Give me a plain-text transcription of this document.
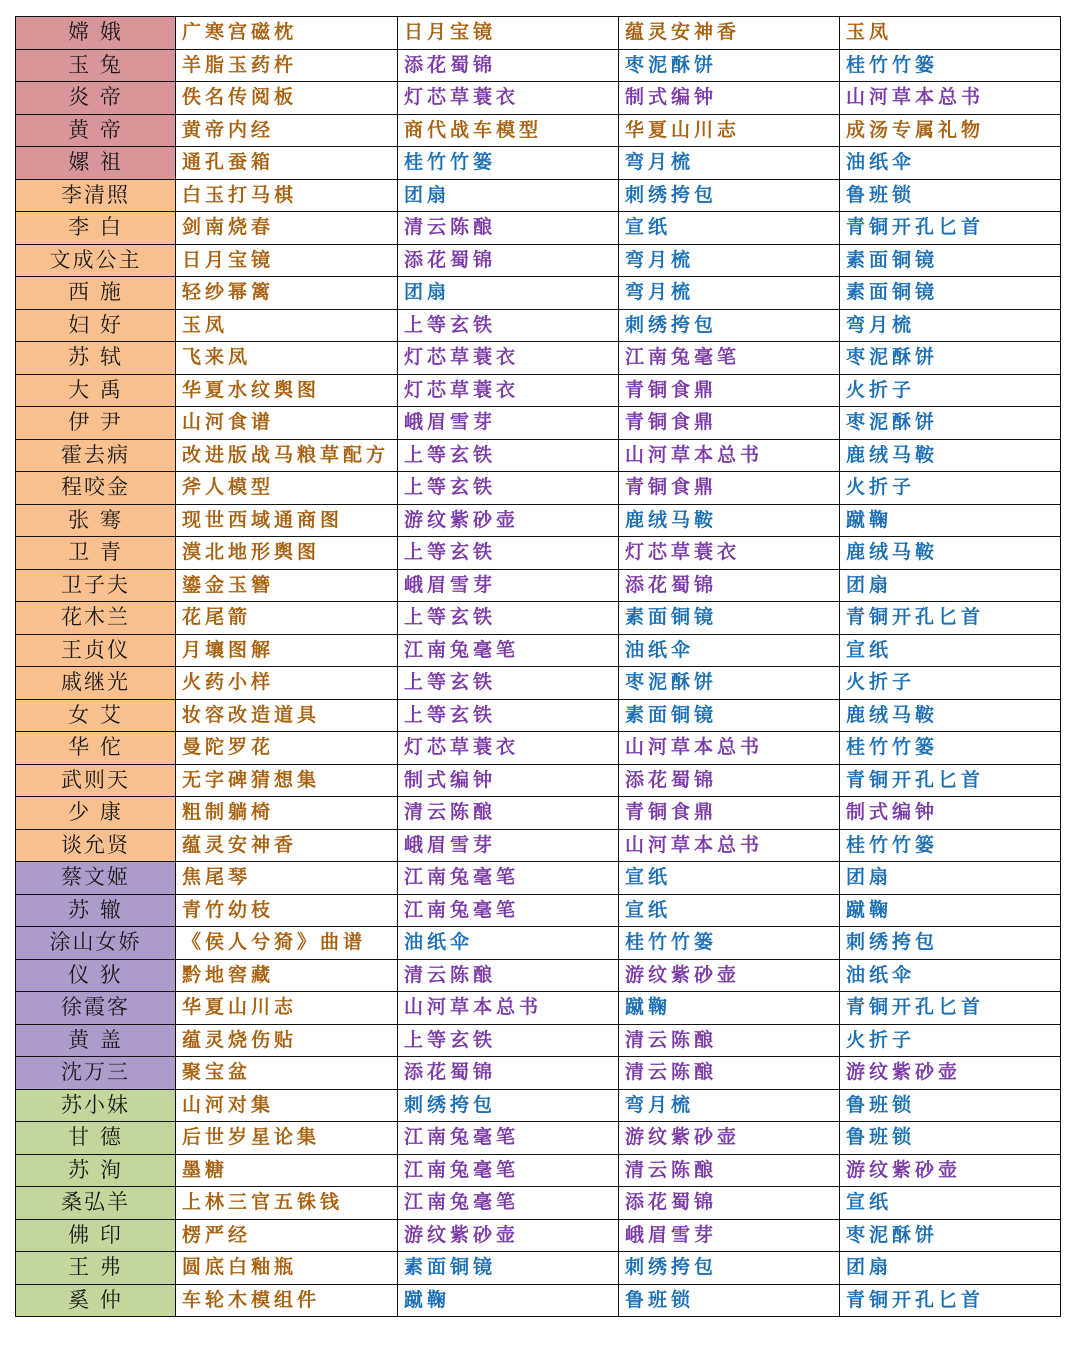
嫦 娥	广寒宫磁枕	日月宝镜	蕴灵安神香	玉凤
玉 兔	羊脂玉药杵	添花蜀锦	枣泥酥饼	桂竹竹篓
炎 帝	佚名传阅板	灯芯草蓑衣	制式编钟	山河草本总书
黄 帝	黄帝内经	商代战车模型	华夏山川志	成汤专属礼物
嫘 祖	通孔蚕箱	桂竹竹篓	弯月梳	油纸伞
李清照	白玉打马棋	团扇	刺绣挎包	鲁班锁
李 白	剑南烧春	清云陈酿	宣纸	青铜开孔匕首
文成公主	日月宝镜	添花蜀锦	弯月梳	素面铜镜
西 施	轻纱幂篱	团扇	弯月梳	素面铜镜
妇 好	玉凤	上等玄铁	刺绣挎包	弯月梳
苏 轼	飞来凤	灯芯草蓑衣	江南兔毫笔	枣泥酥饼
大 禹	华夏水纹舆图	灯芯草蓑衣	青铜食鼎	火折子
伊 尹	山河食谱	峨眉雪芽	青铜食鼎	枣泥酥饼
霍去病	改进版战马粮草配方	上等玄铁	山河草本总书	鹿绒马鞍
程咬金	斧人模型	上等玄铁	青铜食鼎	火折子
张 骞	现世西域通商图	游纹紫砂壶	鹿绒马鞍	蹴鞠
卫 青	漠北地形舆图	上等玄铁	灯芯草蓑衣	鹿绒马鞍
卫子夫	鎏金玉簪	峨眉雪芽	添花蜀锦	团扇
花木兰	花尾箭	上等玄铁	素面铜镜	青铜开孔匕首
王贞仪	月壤图解	江南兔毫笔	油纸伞	宣纸
戚继光	火药小样	上等玄铁	枣泥酥饼	火折子
女 艾	妆容改造道具	上等玄铁	素面铜镜	鹿绒马鞍
华 佗	曼陀罗花	灯芯草蓑衣	山河草本总书	桂竹竹篓
武则天	无字碑猜想集	制式编钟	添花蜀锦	青铜开孔匕首
少 康	粗制躺椅	清云陈酿	青铜食鼎	制式编钟
谈允贤	蕴灵安神香	峨眉雪芽	山河草本总书	桂竹竹篓
蔡文姬	焦尾琴	江南兔毫笔	宣纸	团扇
苏 辙	青竹幼枝	江南兔毫笔	宣纸	蹴鞠
涂山女娇	《侯人兮猗》曲谱	油纸伞	桂竹竹篓	刺绣挎包
仪 狄	黔地窖藏	清云陈酿	游纹紫砂壶	油纸伞
徐霞客	华夏山川志	山河草本总书	蹴鞠	青铜开孔匕首
黄 盖	蕴灵烧伤贴	上等玄铁	清云陈酿	火折子
沈万三	聚宝盆	添花蜀锦	清云陈酿	游纹紫砂壶
苏小妹	山河对集	刺绣挎包	弯月梳	鲁班锁
甘 德	后世岁星论集	江南兔毫笔	游纹紫砂壶	鲁班锁
苏 洵	墨糖	江南兔毫笔	清云陈酿	游纹紫砂壶
桑弘羊	上林三官五铢钱	江南兔毫笔	添花蜀锦	宣纸
佛 印	楞严经	游纹紫砂壶	峨眉雪芽	枣泥酥饼
王 弗	圆底白釉瓶	素面铜镜	刺绣挎包	团扇
奚 仲	车轮木模组件	蹴鞠	鲁班锁	青铜开孔匕首
